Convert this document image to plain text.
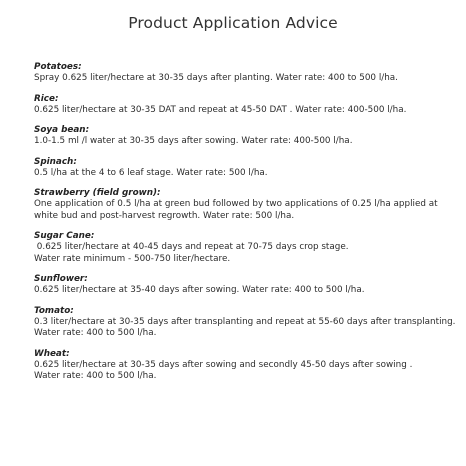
Product Application Advice
Potatoes:
Spray 0.625 liter/hectare at 30-35 days after planting. Water rate: 400 to 500 l/ha.
Rice:
0.625 liter/hectare at 30-35 DAT and repeat at 45-50 DAT . Water rate: 400-500 l/ha.
Soya bean:
1.0-1.5 ml /l water at 30-35 days after sowing. Water rate: 400-500 l/ha.
Spinach:
0.5 l/ha at the 4 to 6 leaf stage. Water rate: 500 l/ha.
Strawberry (field grown):
One application of 0.5 l/ha at green bud followed by two applications of 0.25 l/ha applied at
white bud and post-harvest regrowth. Water rate: 500 l/ha.
Sugar Cane:
0.625 liter/hectare at 40-45 days and repeat at 70-75 days crop stage.
Water rate minimum - 500-750 liter/hectare.
Sunflower:
0.625 liter/hectare at 35-40 days after sowing. Water rate: 400 to 500 l/ha.
Tomato:
0.3 liter/hectare at 30-35 days after transplanting and repeat at 55-60 days after transplanting.
Water rate: 400 to 500 l/ha.
Wheat:
0.625 liter/hectare at 30-35 days after sowing and secondly 45-50 days after sowing .
Water rate: 400 to 500 l/ha.
